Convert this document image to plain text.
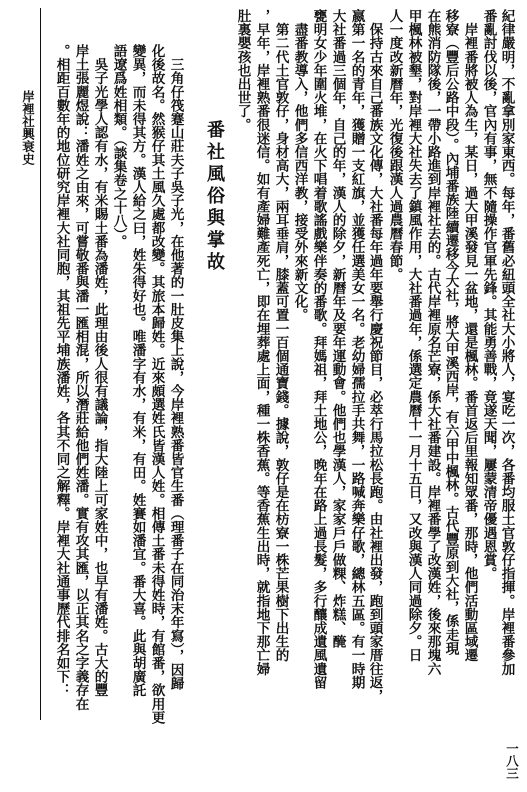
紀律嚴明，不亂拿別家東西。每年，番舊必紐頭全社大小將人，宴吃一次，各番均服土官敦仔指揮。岸裡番參加
番亂討伐以後，官內有事，無不隨操作官軍先鋒。其能勇善戰，竟遂天聞，屢蒙清帝優遇恩賞。
　岸裡番將被人為生，某日，過大甲溪發見一盆地，還是楓林。番首返后里報知眾番，那時，他們活動區域遷
移寮（豐后公路中段）。內埔番族陸續遷移今大社，將大甲溪西岸，有六甲中楓林。古代豐原到大社，係走現
在熊消防隊後，一帶小路進到岸裡社去的。古代岸裡原名芒寮，係大社番建設。岸裡番學了改漢姓，後來那塊六
甲楓林被墾，對岸裡大社失去了鎮風作用，大社番過年，係選定農曆十一月十五日，又改與漢人同過除夕。日
人一度改新曆年，光復後跟漢人過農曆春節。
　保持古來自己番族文化傳，大社番每年過年要舉行慶祝節目，必萃行馬拉松長跑。由社裡出發，跑到頭家厝往返，
嬴第一名的青年，獲贈一支紅旗，並獲任選美女一名。老幼婦孺拉手共舞，一路喊奔樂仔歌，總林五區。有一時期
大社番過三個年，自己的年，漢人的除夕，新曆年及要年運動會。他們也學漢人，家家戶戶做粿、炸糕、醃
甕明女少年圍火堆，在火下唱着歌謠戲樂伴奏的番歌。拜媽祖，拜土地公，晚年在路上過長髮，多行釀成遺風遺留
　盡番教導入，他們多信西洋教，接受外來新文化。
　第二代土官敦仔，身材高大，兩耳垂肩，膝蓋可置一百個通寶錢。據說，敦仔是在枋寮一株芒果樹下出生的
，早年，岸裡熟番很迷信。如有產婦難產死亡，即在埋葬處上面，種一株香蕉。等香蕉生出時，就指地下那亡婦
肚裏嬰孩也出世了。
番社風俗與掌故
　三角仔筏蹇山莊夫子吳子光，在他著的一肚皮集上說，今岸裡熟番皆官生番（理番子在同治末年寫），因歸
化後故名。然猴仔其土風久處都改變。其旅本歸姓。近來頗選姓氏皆漢人姓。相傳土番未得姓時，有館番，欲用更
變異，而未得其方。漢人給之曰，姓朱得好也。唯潘字有水，有米，有田。姓賽如潘宜。番大喜。此與胡廣託
語遼爲姓相類。（談集卷之十八）。
　吳子光學人認有水，有米賜土番為潘姓，此理由後人很有議論，指大陸上可家姓中，也早有潘姓。古大的豐
岸土張麗煜說：潘姓之由來，可嘗敬番與潘一匯相混，所以潛莊給他們姓潘。實有攻其匯，以正其名之字義存在
。相距百數年的地位研究岸裡大社同胞，其祖先平埔族潘姓，各其不同之解釋。岸裡大社通事歷代排名如下：
岸裡社興衰史
一八三
